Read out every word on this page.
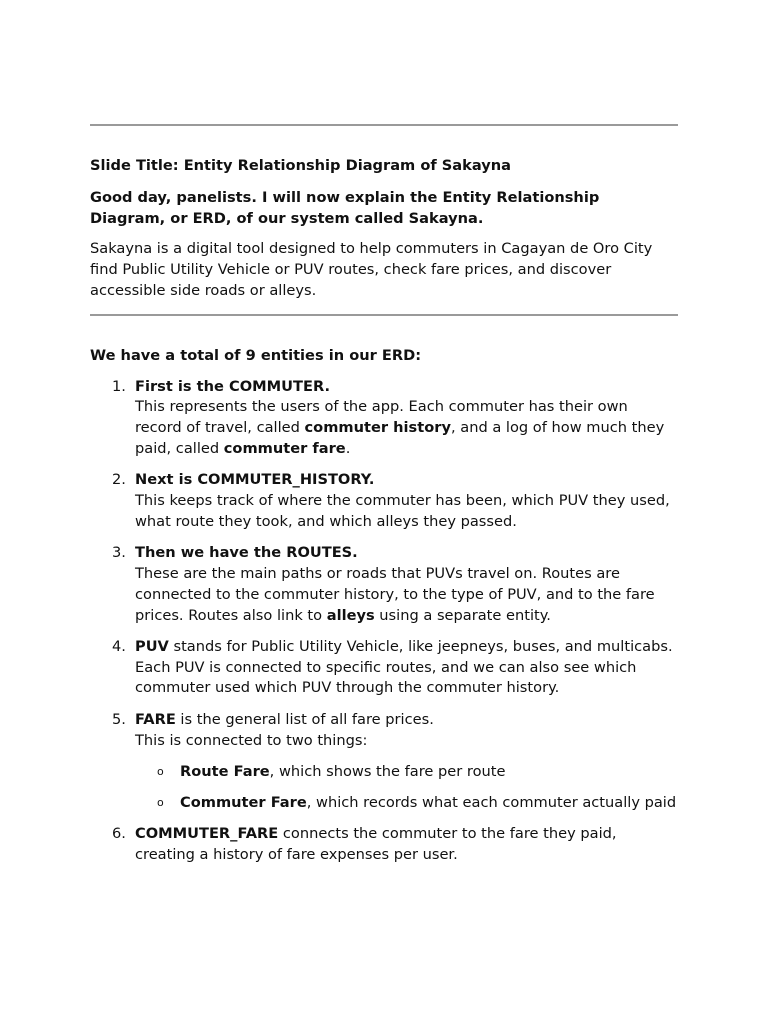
Slide Title: Entity Relationship Diagram of Sakayna
Good day, panelists. I will now explain the Entity Relationship Diagram, or ERD, of our system called Sakayna.
Sakayna is a digital tool designed to help commuters in Cagayan de Oro City find Public Utility Vehicle or PUV routes, check fare prices, and discover accessible side roads or alleys.
We have a total of 9 entities in our ERD:
1. First is the COMMUTER.
This represents the users of the app. Each commuter has their own record of travel, called commuter history, and a log of how much they paid, called commuter fare.
2. Next is COMMUTER_HISTORY.
This keeps track of where the commuter has been, which PUV they used, what route they took, and which alleys they passed.
3. Then we have the ROUTES.
These are the main paths or roads that PUVs travel on. Routes are connected to the commuter history, to the type of PUV, and to the fare prices. Routes also link to alleys using a separate entity.
4. PUV stands for Public Utility Vehicle, like jeepneys, buses, and multicabs.
Each PUV is connected to specific routes, and we can also see which commuter used which PUV through the commuter history.
5. FARE is the general list of all fare prices.
This is connected to two things:
o Route Fare, which shows the fare per route
o Commuter Fare, which records what each commuter actually paid
6. COMMUTER_FARE connects the commuter to the fare they paid, creating a history of fare expenses per user.
